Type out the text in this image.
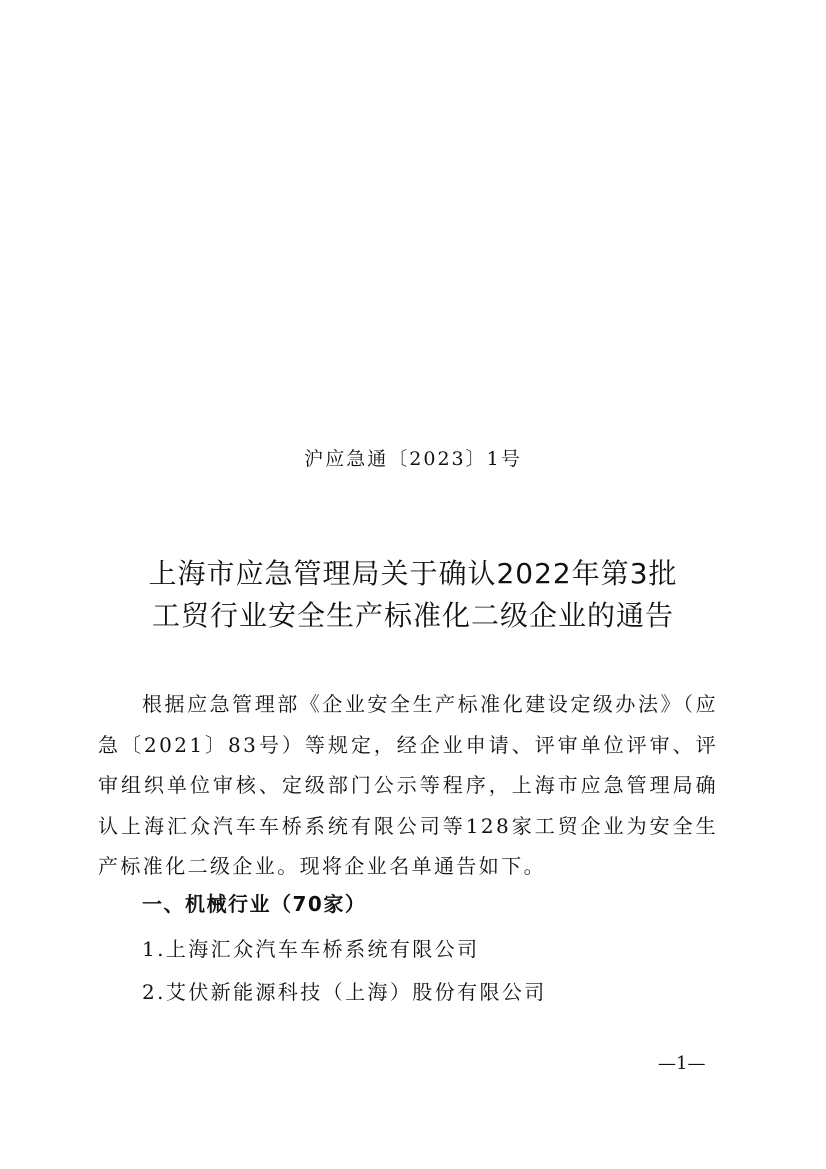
沪应急通〔2023〕1号
上海市应急管理局关于确认2022年第3批
工贸行业安全生产标准化二级企业的通告
根据应急管理部《企业安全生产标准化建设定级办法》（应急〔2021〕83号）等规定，经企业申请、评审单位评审、评审组织单位审核、定级部门公示等程序，上海市应急管理局确认上海汇众汽车车桥系统有限公司等128家工贸企业为安全生产标准化二级企业。现将企业名单通告如下。
一、机械行业（70家）
1.上海汇众汽车车桥系统有限公司
2.艾伏新能源科技（上海）股份有限公司
—1—
